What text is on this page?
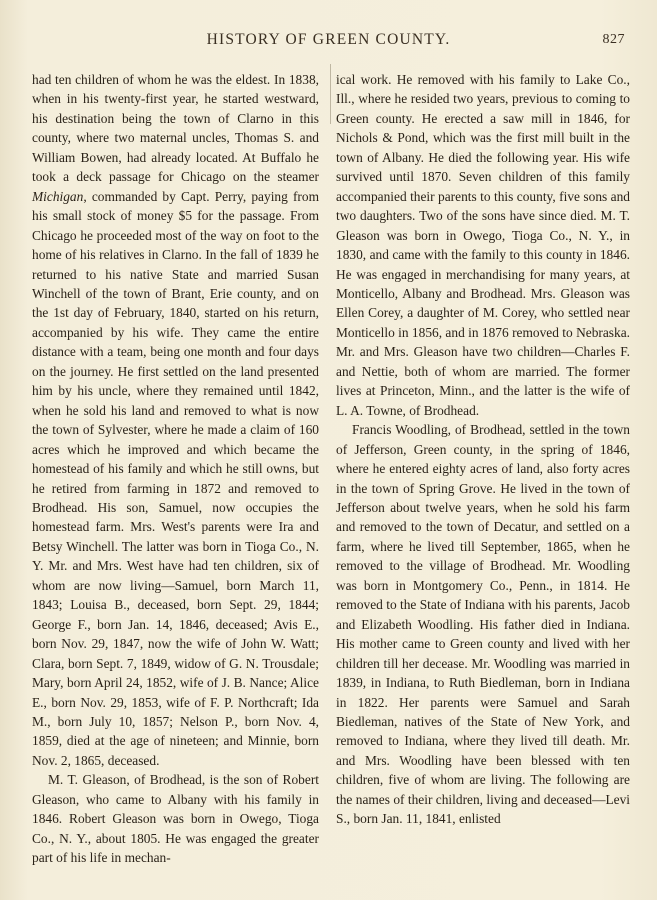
HISTORY OF GREEN COUNTY.	827

had ten children of whom he was the eldest. In 1838, when in his twenty-first year, he started westward, his destination being the town of Clarno in this county, where two maternal uncles, Thomas S. and William Bowen, had already located. At Buffalo he took a deck passage for Chicago on the steamer Michigan, commanded by Capt. Perry, paying from his small stock of money $5 for the passage. From Chicago he proceeded most of the way on foot to the home of his relatives in Clarno. In the fall of 1839 he returned to his native State and married Susan Winchell of the town of Brant, Erie county, and on the 1st day of February, 1840, started on his return, accompanied by his wife. They came the entire distance with a team, being one month and four days on the journey. He first settled on the land presented him by his uncle, where they remained until 1842, when he sold his land and removed to what is now the town of Sylvester, where he made a claim of 160 acres which he improved and which became the homestead of his family and which he still owns, but he retired from farming in 1872 and removed to Brodhead. His son, Samuel, now occupies the homestead farm. Mrs. West's parents were Ira and Betsy Winchell. The latter was born in Tioga Co., N. Y. Mr. and Mrs. West have had ten children, six of whom are now living—Samuel, born March 11, 1843; Louisa B., deceased, born Sept. 29, 1844; George F., born Jan. 14, 1846, deceased; Avis E., born Nov. 29, 1847, now the wife of John W. Watt; Clara, born Sept. 7, 1849, widow of G. N. Trousdale; Mary, born April 24, 1852, wife of J. B. Nance; Alice E., born Nov. 29, 1853, wife of F. P. Northcraft; Ida M., born July 10, 1857; Nelson P., born Nov. 4, 1859, died at the age of nineteen; and Minnie, born Nov. 2, 1865, deceased.

M. T. Gleason, of Brodhead, is the son of Robert Gleason, who came to Albany with his family in 1846. Robert Gleason was born in Owego, Tioga Co., N. Y., about 1805. He was engaged the greater part of his life in mechan-

ical work. He removed with his family to Lake Co., Ill., where he resided two years, previous to coming to Green county. He erected a saw mill in 1846, for Nichols & Pond, which was the first mill built in the town of Albany. He died the following year. His wife survived until 1870. Seven children of this family accompanied their parents to this county, five sons and two daughters. Two of the sons have since died. M. T. Gleason was born in Owego, Tioga Co., N. Y., in 1830, and came with the family to this county in 1846. He was engaged in merchandising for many years, at Monticello, Albany and Brodhead. Mrs. Gleason was Ellen Corey, a daughter of M. Corey, who settled near Monticello in 1856, and in 1876 removed to Nebraska. Mr. and Mrs. Gleason have two children—Charles F. and Nettie, both of whom are married. The former lives at Princeton, Minn., and the latter is the wife of L. A. Towne, of Brodhead.

Francis Woodling, of Brodhead, settled in the town of Jefferson, Green county, in the spring of 1846, where he entered eighty acres of land, also forty acres in the town of Spring Grove. He lived in the town of Jefferson about twelve years, when he sold his farm and removed to the town of Decatur, and settled on a farm, where he lived till September, 1865, when he removed to the village of Brodhead. Mr. Woodling was born in Montgomery Co., Penn., in 1814. He removed to the State of Indiana with his parents, Jacob and Elizabeth Woodling. His father died in Indiana. His mother came to Green county and lived with her children till her decease. Mr. Woodling was married in 1839, in Indiana, to Ruth Biedleman, born in Indiana in 1822. Her parents were Samuel and Sarah Biedleman, natives of the State of New York, and removed to Indiana, where they lived till death. Mr. and Mrs. Woodling have been blessed with ten children, five of whom are living. The following are the names of their children, living and deceased—Levi S., born Jan. 11, 1841, enlisted
